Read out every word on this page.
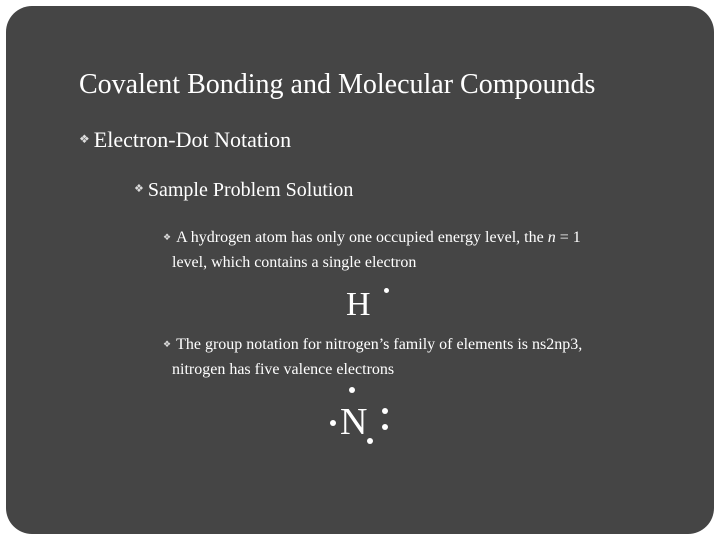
Covalent Bonding and Molecular Compounds
❖ Electron-Dot Notation
❖ Sample Problem Solution
❖ A hydrogen atom has only one occupied energy level, the n = 1
level, which contains a single electron
H
❖ The group notation for nitrogen’s family of elements is ns2np3,
nitrogen has five valence electrons
N
